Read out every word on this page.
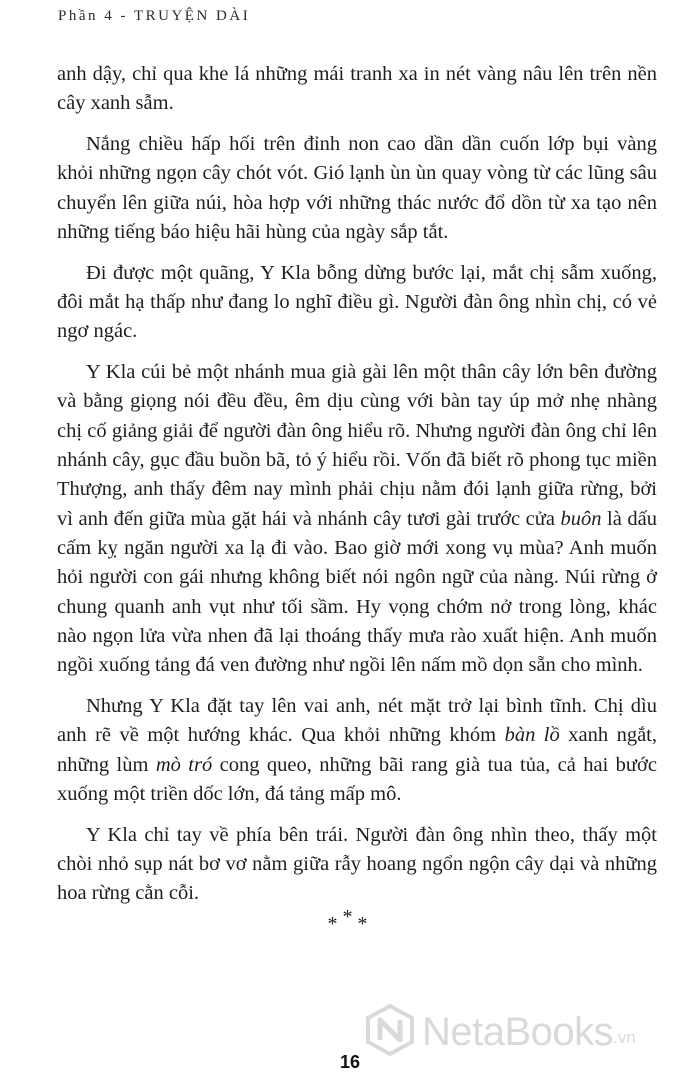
Phần 4 - TRUYỆN DÀI

anh dậy, chỉ qua khe lá những mái tranh xa in nét vàng nâu lên trên nền cây xanh sẫm.

Nắng chiều hấp hối trên đỉnh non cao dần dần cuốn lớp bụi vàng khỏi những ngọn cây chót vót. Gió lạnh ùn ùn quay vòng từ các lũng sâu chuyển lên giữa núi, hòa hợp với những thác nước đổ dồn từ xa tạo nên những tiếng báo hiệu hãi hùng của ngày sắp tắt.

Đi được một quãng, Y Kla bỗng dừng bước lại, mắt chị sẫm xuống, đôi mắt hạ thấp như đang lo nghĩ điều gì. Người đàn ông nhìn chị, có vẻ ngơ ngác.

Y Kla cúi bẻ một nhánh mua già gài lên một thân cây lớn bên đường và bằng giọng nói đều đều, êm dịu cùng với bàn tay úp mở nhẹ nhàng chị cố giảng giải để người đàn ông hiểu rõ. Nhưng người đàn ông chỉ lên nhánh cây, gục đầu buồn bã, tỏ ý hiểu rồi. Vốn đã biết rõ phong tục miền Thượng, anh thấy đêm nay mình phải chịu nằm đói lạnh giữa rừng, bởi vì anh đến giữa mùa gặt hái và nhánh cây tươi gài trước cửa buôn là dấu cấm kỵ ngăn người xa lạ đi vào. Bao giờ mới xong vụ mùa? Anh muốn hỏi người con gái nhưng không biết nói ngôn ngữ của nàng. Núi rừng ở chung quanh anh vụt như tối sầm. Hy vọng chớm nở trong lòng, khác nào ngọn lửa vừa nhen đã lại thoáng thấy mưa rào xuất hiện. Anh muốn ngồi xuống tảng đá ven đường như ngồi lên nấm mồ dọn sẵn cho mình.

Nhưng Y Kla đặt tay lên vai anh, nét mặt trở lại bình tĩnh. Chị dìu anh rẽ về một hướng khác. Qua khỏi những khóm bàn lồ xanh ngắt, những lùm mò tró cong queo, những bãi rang già tua tủa, cả hai bước xuống một triền dốc lớn, đá tảng mấp mô.

Y Kla chỉ tay về phía bên trái. Người đàn ông nhìn theo, thấy một chòi nhỏ sụp nát bơ vơ nằm giữa rẫy hoang ngổn ngộn cây dại và những hoa rừng cằn cỗi.

***
NetaBooks .vn
16
